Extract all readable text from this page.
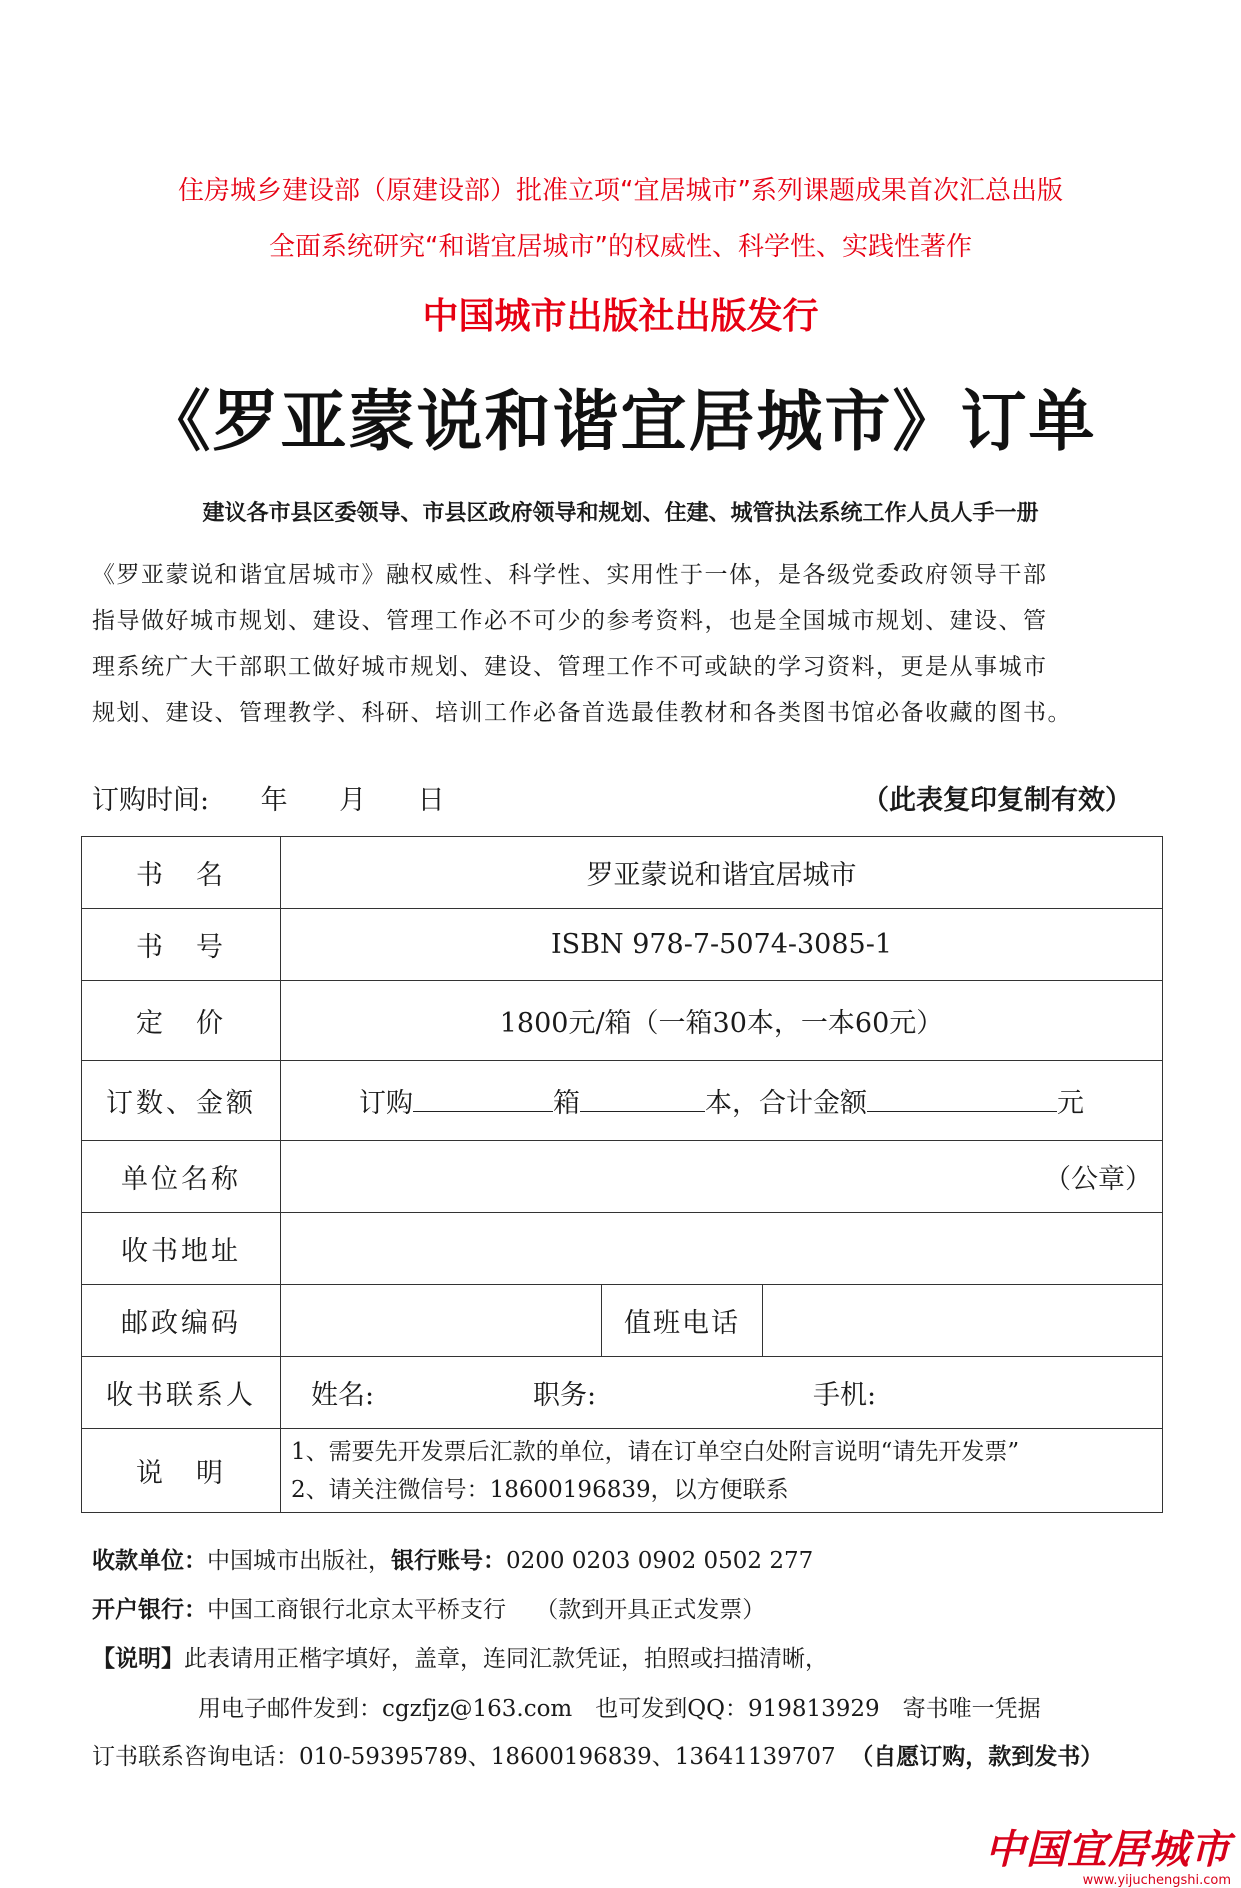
住房城乡建设部（原建设部）批准立项“宜居城市”系列课题成果首次汇总出版
全面系统研究“和谐宜居城市”的权威性、科学性、实践性著作
中国城市出版社出版发行
《罗亚蒙说和谐宜居城市》订单
建议各市县区委领导、市县区政府领导和规划、住建、城管执法系统工作人员人手一册
《罗亚蒙说和谐宜居城市》融权威性、科学性、实用性于一体，是各级党委政府领导干部
指导做好城市规划、建设、管理工作必不可少的参考资料，也是全国城市规划、建设、管
理系统广大干部职工做好城市规划、建设、管理工作不可或缺的学习资料，更是从事城市
规划、建设、管理教学、科研、培训工作必备首选最佳教材和各类图书馆必备收藏的图书。
订购时间: 年 月 日	（此表复印复制有效）
书　名	罗亚蒙说和谐宜居城市		
书　号	ISBN 978-7-5074-3085-1		
定　价	1800元/箱（一箱30本，一本60元）		
订数、金额	订购 箱 本，合计金额 元		
单位名称	（公章）		

收书地址			
邮政编码		值班电话	
收书联系人	姓名: 职务: 手机:		
说　明	1、需要先开发票后汇款的单位，请在订单空白处附言说明“请先开发票”
2、请关注微信号：18600196839，以方便联系		
收款单位：中国城市出版社，银行账号：0200 0203 0902 0502 277
开户银行：中国工商银行北京太平桥支行 （款到开具正式发票）
【说明】此表请用正楷字填好，盖章，连同汇款凭证，拍照或扫描清晰，
用电子邮件发到：cgzfjz@163.com　也可发到QQ：919813929　寄书唯一凭据
订书联系咨询电话：010-59395789、18600196839、13641139707 （自愿订购，款到发书）
中国宜居城市
www.yijuchengshi.com
